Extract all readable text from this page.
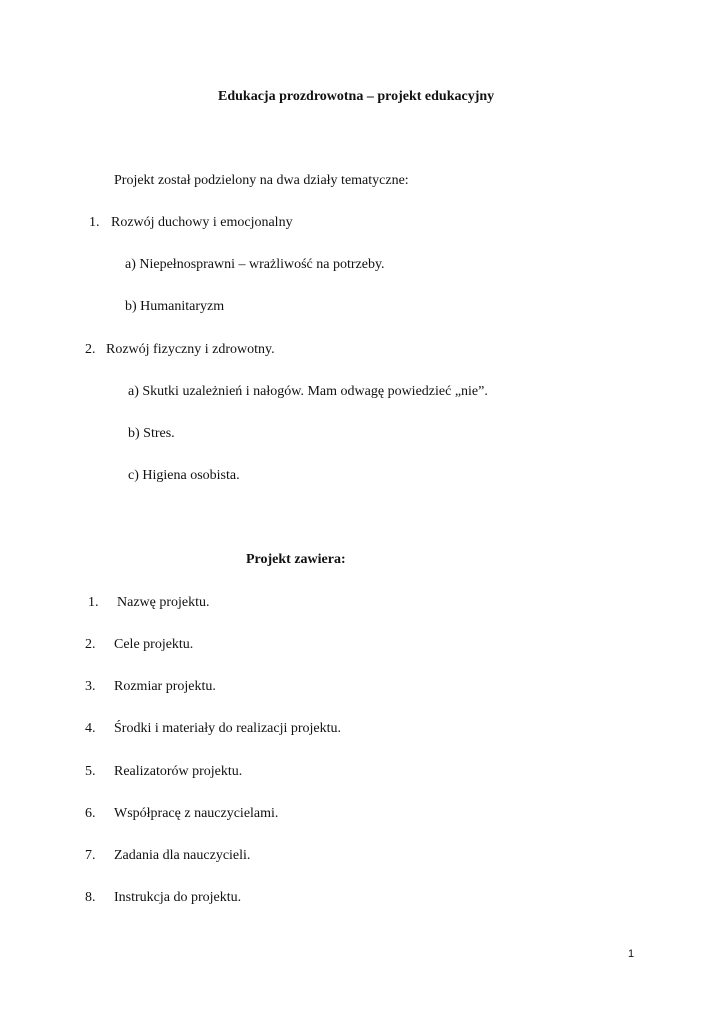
Edukacja prozdrowotna – projekt edukacyjny
Projekt został podzielony na dwa działy tematyczne:
1. Rozwój duchowy i emocjonalny
a) Niepełnosprawni – wrażliwość na potrzeby.
b) Humanitaryzm
2. Rozwój fizyczny i zdrowotny.
a) Skutki uzależnień i nałogów. Mam odwagę powiedzieć „nie”.
b) Stres.
c) Higiena osobista.
Projekt zawiera:
1. Nazwę projektu.
2. Cele projektu.
3. Rozmiar projektu.
4. Środki i materiały do realizacji projektu.
5. Realizatorów projektu.
6. Współpracę z nauczycielami.
7. Zadania dla nauczycieli.
8. Instrukcja do projektu.
1
